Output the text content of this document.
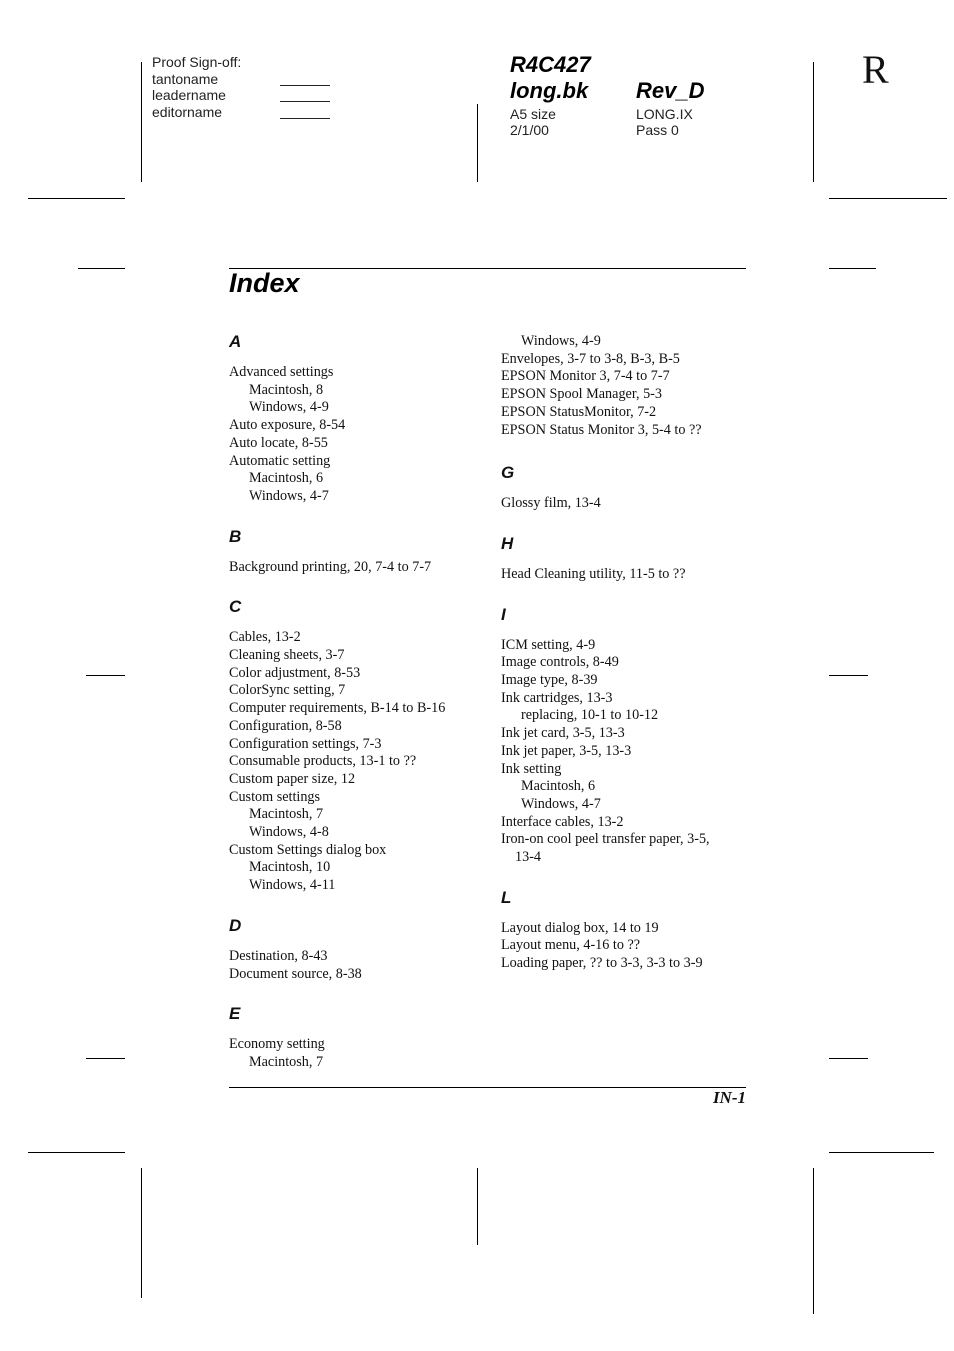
Proof Sign-off:
tantoname
leadername
editorname
R4C427
long.bk Rev_D
A5 size
2/1/00
LONG.IX
Pass 0
R
Index
A
Advanced settings
Macintosh, 8
Windows, 4-9
Auto exposure, 8-54
Auto locate, 8-55
Automatic setting
Macintosh, 6
Windows, 4-7
B
Background printing, 20, 7-4 to 7-7
C
Cables, 13-2
Cleaning sheets, 3-7
Color adjustment, 8-53
ColorSync setting, 7
Computer requirements, B-14 to B-16
Configuration, 8-58
Configuration settings, 7-3
Consumable products, 13-1 to ??
Custom paper size, 12
Custom settings
Macintosh, 7
Windows, 4-8
Custom Settings dialog box
Macintosh, 10
Windows, 4-11
D
Destination, 8-43
Document source, 8-38
E
Economy setting
Macintosh, 7
Windows, 4-9
Envelopes, 3-7 to 3-8, B-3, B-5
EPSON Monitor 3, 7-4 to 7-7
EPSON Spool Manager, 5-3
EPSON StatusMonitor, 7-2
EPSON Status Monitor 3, 5-4 to ??
G
Glossy film, 13-4
H
Head Cleaning utility, 11-5 to ??
I
ICM setting, 4-9
Image controls, 8-49
Image type, 8-39
Ink cartridges, 13-3
replacing, 10-1 to 10-12
Ink jet card, 3-5, 13-3
Ink jet paper, 3-5, 13-3
Ink setting
Macintosh, 6
Windows, 4-7
Interface cables, 13-2
Iron-on cool peel transfer paper, 3-5,
13-4
L
Layout dialog box, 14 to 19
Layout menu, 4-16 to ??
Loading paper, ?? to 3-3, 3-3 to 3-9
IN-1
